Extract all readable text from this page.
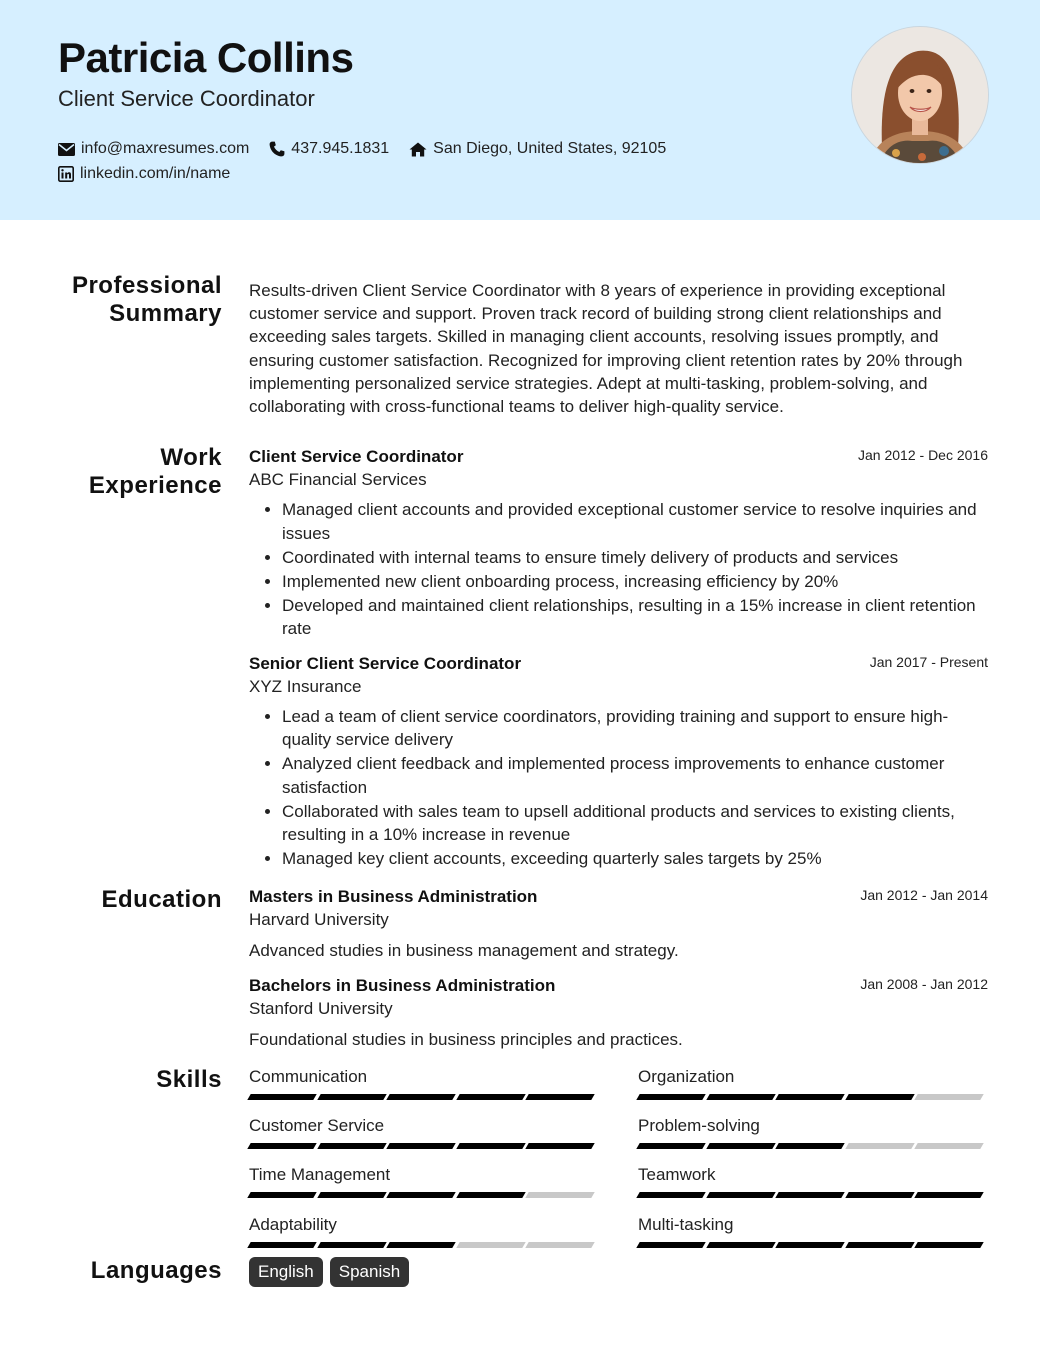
Patricia Collins
Client Service Coordinator
info@maxresumes.com	437.945.1831	San Diego, United States, 92105
linkedin.com/in/name
Professional
Summary

Results-driven Client Service Coordinator with 8 years of experience in providing exceptional customer service and support. Proven track record of building strong client relationships and exceeding sales targets. Skilled in managing client accounts, resolving issues promptly, and ensuring customer satisfaction. Recognized for improving client retention rates by 20% through implementing personalized service strategies. Adept at multi-tasking, problem-solving, and collaborating with cross-functional teams to deliver high-quality service.

Work
Experience
Client Service Coordinator	Jan 2012 - Dec 2016
ABC Financial Services
• Managed client accounts and provided exceptional customer service to resolve inquiries and issues
• Coordinated with internal teams to ensure timely delivery of products and services
• Implemented new client onboarding process, increasing efficiency by 20%
• Developed and maintained client relationships, resulting in a 15% increase in client retention rate
Senior Client Service Coordinator	Jan 2017 - Present
XYZ Insurance
• Lead a team of client service coordinators, providing training and support to ensure high-quality service delivery
• Analyzed client feedback and implemented process improvements to enhance customer satisfaction
• Collaborated with sales team to upsell additional products and services to existing clients, resulting in a 10% increase in revenue
• Managed key client accounts, exceeding quarterly sales targets by 25%
Education Masters in Business Administration	Jan 2012 - Jan 2014
Harvard University
Advanced studies in business management and strategy.
Bachelors in Business Administration	Jan 2008 - Jan 2012
Stanford University
Foundational studies in business principles and practices.
Skills Communication	Organization
Customer Service	Problem-solving
Time Management	Teamwork
Adaptability	Multi-tasking
Languages	English	Spanish
